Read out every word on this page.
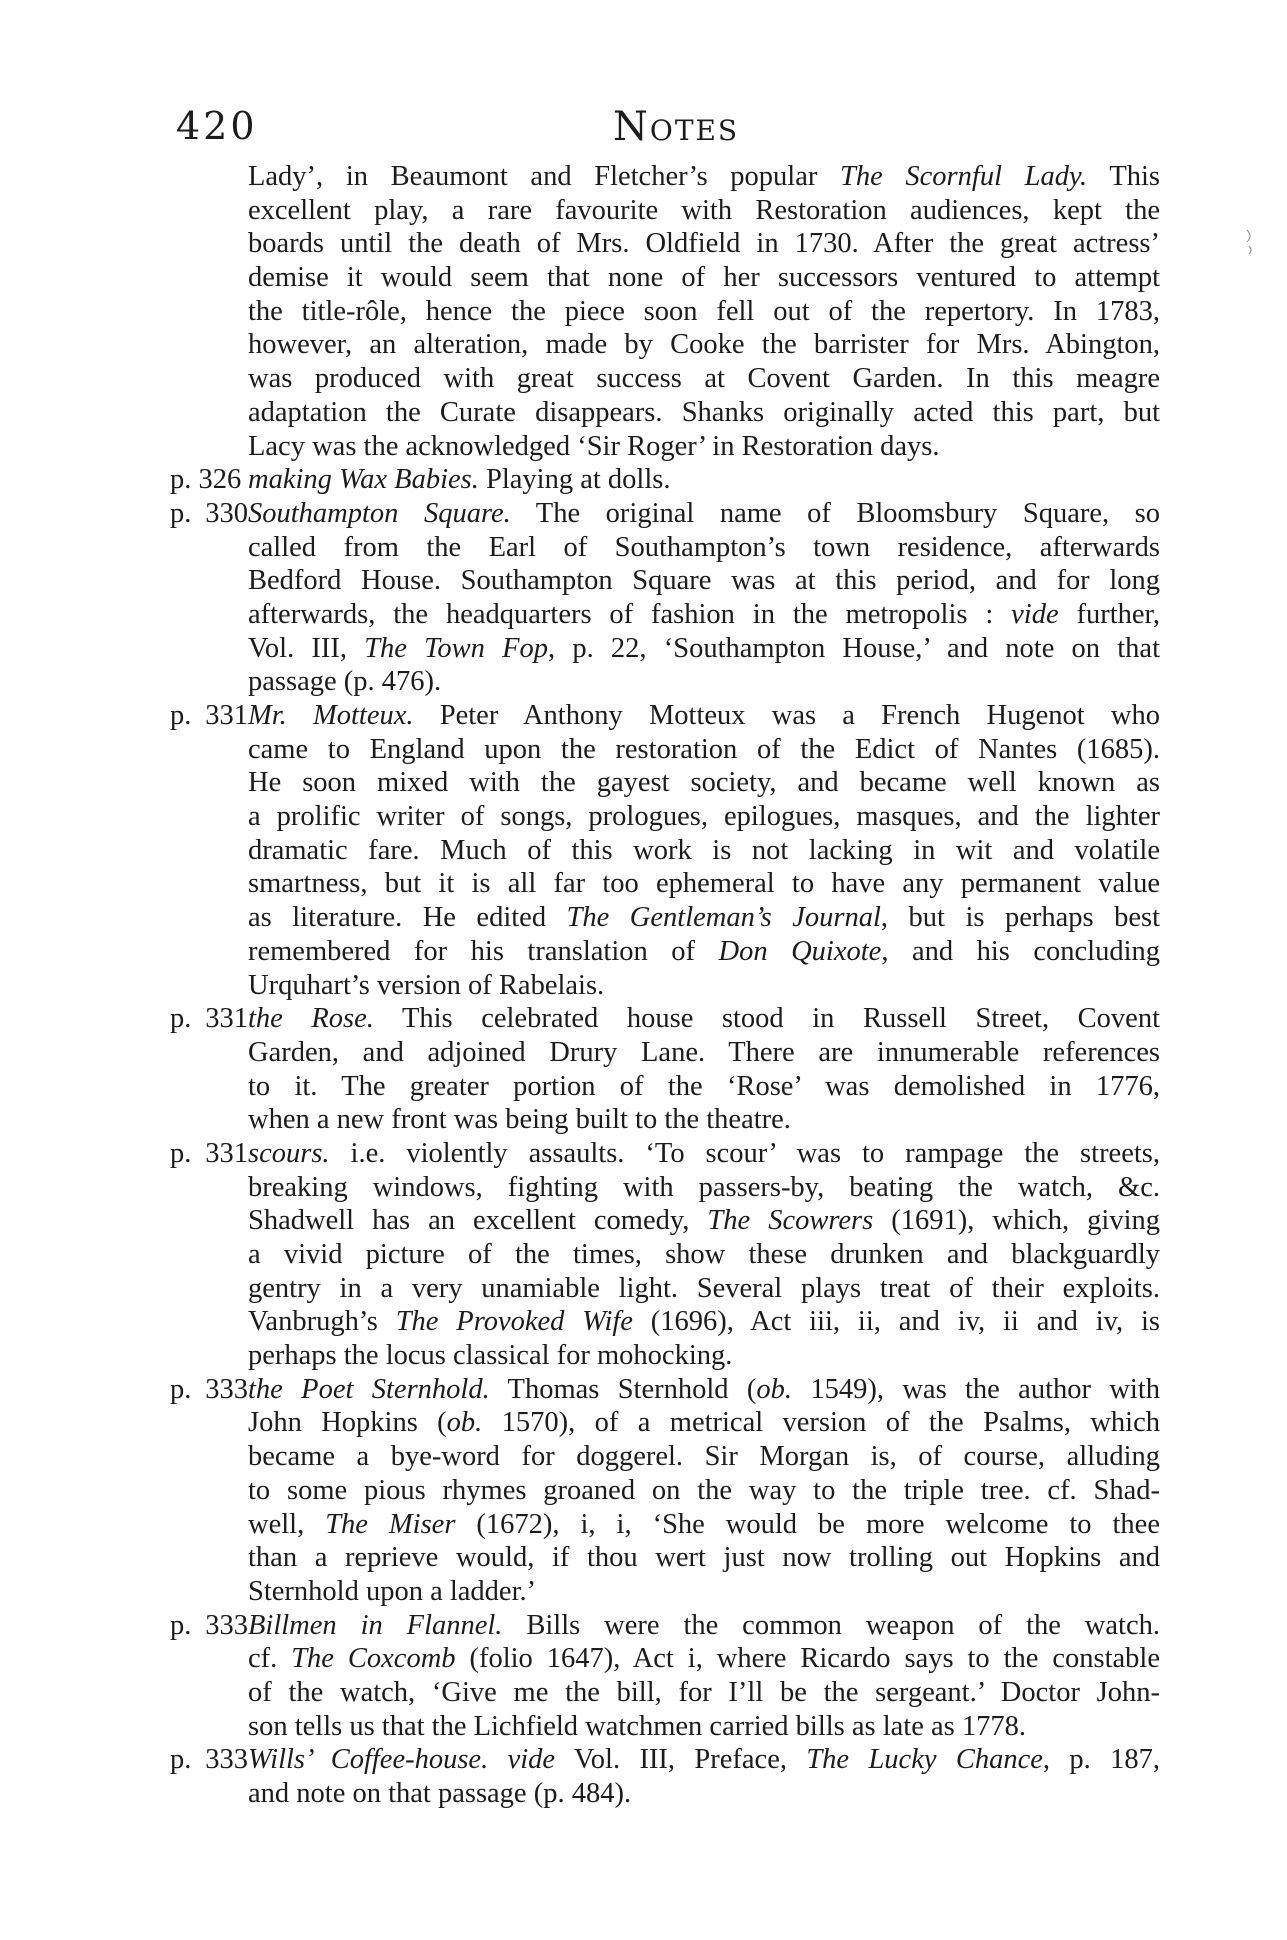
420	Notes
Lady’, in Beaumont and Fletcher’s popular The Scornful Lady. This
excellent play, a rare favourite with Restoration audiences, kept the
boards until the death of Mrs. Oldfield in 1730. After the great actress’
demise it would seem that none of her successors ventured to attempt
the title-rôle, hence the piece soon fell out of the repertory. In 1783,
however, an alteration, made by Cooke the barrister for Mrs. Abington,
was produced with great success at Covent Garden. In this meagre
adaptation the Curate disappears. Shanks originally acted this part, but
Lacy was the acknowledged ‘Sir Roger’ in Restoration days.
p. 326 making Wax Babies. Playing at dolls.
p. 330Southampton Square. The original name of Bloomsbury Square, so
called from the Earl of Southampton’s town residence, afterwards
Bedford House. Southampton Square was at this period, and for long
afterwards, the headquarters of fashion in the metropolis : vide further,
Vol. III, The Town Fop, p. 22, ‘Southampton House,’ and note on that
passage (p. 476).
p. 331Mr. Motteux. Peter Anthony Motteux was a French Hugenot who
came to England upon the restoration of the Edict of Nantes (1685).
He soon mixed with the gayest society, and became well known as
a prolific writer of songs, prologues, epilogues, masques, and the lighter
dramatic fare. Much of this work is not lacking in wit and volatile
smartness, but it is all far too ephemeral to have any permanent value
as literature. He edited The Gentleman’s Journal, but is perhaps best
remembered for his translation of Don Quixote, and his concluding
Urquhart’s version of Rabelais.
p. 331the Rose. This celebrated house stood in Russell Street, Covent
Garden, and adjoined Drury Lane. There are innumerable references
to it. The greater portion of the ‘Rose’ was demolished in 1776,
when a new front was being built to the theatre.
p. 331scours. i.e. violently assaults. ‘To scour’ was to rampage the streets,
breaking windows, fighting with passers-by, beating the watch, &c.
Shadwell has an excellent comedy, The Scowrers (1691), which, giving
a vivid picture of the times, show these drunken and blackguardly
gentry in a very unamiable light. Several plays treat of their exploits.
Vanbrugh’s The Provoked Wife (1696), Act iii, ii, and iv, ii and iv, is
perhaps the locus classical for mohocking.
p. 333the Poet Sternhold. Thomas Sternhold (ob. 1549), was the author with
John Hopkins (ob. 1570), of a metrical version of the Psalms, which
became a bye-word for doggerel. Sir Morgan is, of course, alluding
to some pious rhymes groaned on the way to the triple tree. cf. Shad-
well, The Miser (1672), i, i, ‘She would be more welcome to thee
than a reprieve would, if thou wert just now trolling out Hopkins and
Sternhold upon a ladder.’
p. 333Billmen in Flannel. Bills were the common weapon of the watch.
cf. The Coxcomb (folio 1647), Act i, where Ricardo says to the constable
of the watch, ‘Give me the bill, for I’ll be the sergeant.’ Doctor John-
son tells us that the Lichfield watchmen carried bills as late as 1778.
p. 333Wills’ Coffee-house. vide Vol. III, Preface, The Lucky Chance, p. 187,
and note on that passage (p. 484).
